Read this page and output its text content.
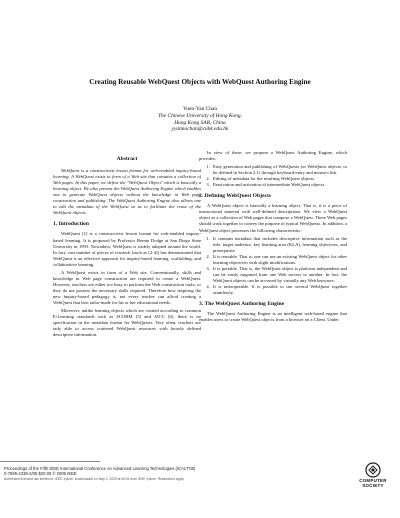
Creating Reusable WebQuest Objects with WebQuest Authoring Engine
Yuen-Yan Chan
The Chinese University of Hong Kong,
Hong Kong SAR, China
yyannachan@cuhk.edu.hk
Abstract

WebQuest is a constructivist lesson format for web-enabled inquiry-based learning. A WebQuest exists in form of a Web site that contains a collection of Web pages. In this paper, we define the "WebQuest Object" which is basically a learning object. We also present the WebQuest Authoring Engine which enables one to generate WebQuest objects without the knowledge in Web page construction and publishing. The WebQuest Authoring Engine also allows one to edit the metadata of the WebQuest so as to facilitate the reuse of the WebQuest objects.

1. Introduction

WebQuest [1] is a constructivist lesson format for web-enabled inquiry-based learning. It is proposed by Professor Bernie Dodge at San Diego State University in 1995. Nowadays, WebQuest is widely adopted around the world. In fact, vast number of pieces of research (such as [2-4]) has demonstrated that WebQuest is an effective approach for inquiry-based learning, scaffolding, and collaborative learning.

A WebQuest exists in form of a Web site. Conventionally, skills and knowledge in Web page construction are required to create a WebQuest. However, teachers are either too busy to perform the Web construction tasks; or they do not possess the necessary skills required. Therefore how inspiring the new inquiry-based pedagogy is, not every teacher can afford creating a WebQuest that best tailor-made for his or her educational needs.

Moreover, unlike learning objects which are created according to common E-Learning standards such as SCORM [5] and AICC [6], there is no specification in the metadata format for WebQuests. Very often, teachers are only able to access scattered WebQuest resources with loosely defined descriptive information.

In view of these, we propose a WebQuest Authoring Engine, which provides:

1. Easy generation and publishing of WebQuests (or WebQuest objects, to be defined in Section 2.1) through keyboard-entry and mouse-click.
2. Editing of metadata for the resulting WebQuest objects.
3. Passivation and activation of intermediate WebQuest objects.
2. Defining WebQuest Objects

A WebQuest object is basically a learning object. That is, it is a piece of instructional material with well-defined descriptions. We view a WebQuest object as a collection of Web pages that compose a WebQuest. These Web pages should work together to convey the purpose of typical WebQuests. In addition, a WebQuest object possesses the following characteristic:

1. It contains metadata that includes descriptive information such as the title, target audience, key learning area (KLA), learning objectives, and prerequisite.
2. It is reusable. That is, one can use an existing WebQuest object for other learning objectives with slight modifications.
3. It is portable. That is, the WebQuest object is platform independent and can be easily migrated from one Web servers to another. In fact, the WebQuest objects can be accessed by virtually any Web browsers.
4. It is interoperable. It is possible to use several WebQuest together seamlessly.
3. The WebQuest Authoring Engine

The WebQuest Authoring Engine is an intelligent web-based engine that enables users to create WebQuest objects from a browser on a Client. Under

Proceedings of the Fifth IEEE International Conference on Advanced Learning Technologies (ICALT'05)
0-7695-2338-2/05 $20.00 © 2005 IEEE
Authorized licensed use limited to: IEEE Xplore. Downloaded on May 2, 2009 at 06:02 from IEEE Xplore. Restrictions apply.	COMPUTER
SOCIETY
